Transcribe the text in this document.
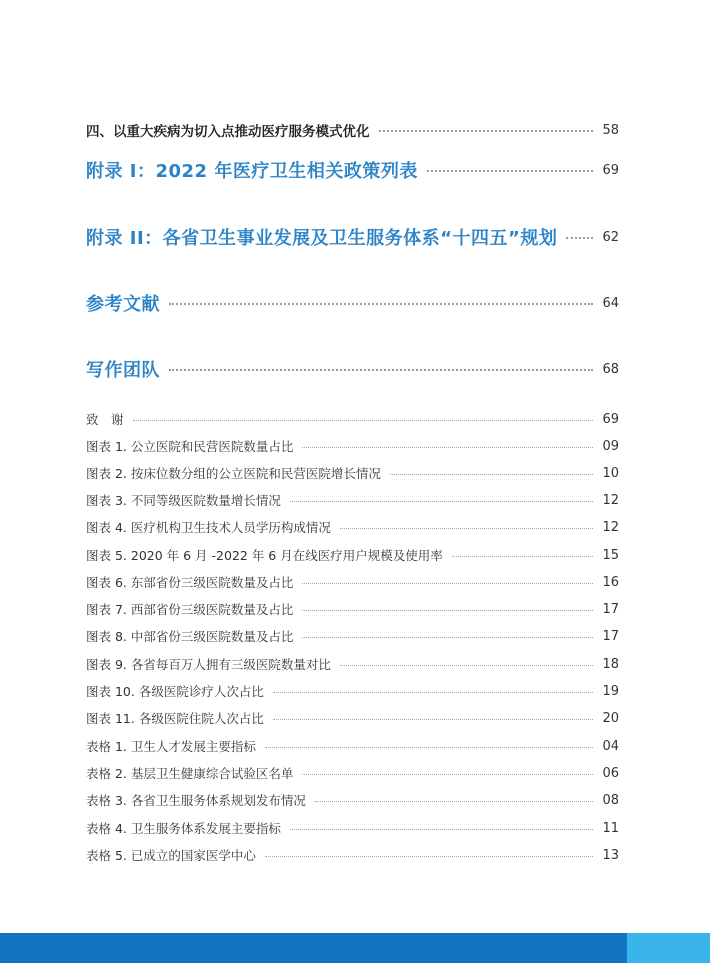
四、以重大疾病为切入点推动医疗服务模式优化	58
附录 I：2022 年医疗卫生相关政策列表	69
附录 II：各省卫生事业发展及卫生服务体系“十四五”规划	62
参考文献	64
写作团队	68
致　谢	69
图表 1. 公立医院和民营医院数量占比	09
图表 2. 按床位数分组的公立医院和民营医院增长情况	10
图表 3. 不同等级医院数量增长情况	12
图表 4. 医疗机构卫生技术人员学历构成情况	12
图表 5. 2020 年 6 月 -2022 年 6 月在线医疗用户规模及使用率	15
图表 6. 东部省份三级医院数量及占比	16
图表 7. 西部省份三级医院数量及占比	17
图表 8. 中部省份三级医院数量及占比	17
图表 9. 各省每百万人拥有三级医院数量对比	18
图表 10. 各级医院诊疗人次占比	19
图表 11. 各级医院住院人次占比	20
表格 1. 卫生人才发展主要指标	04
表格 2. 基层卫生健康综合试验区名单	06
表格 3. 各省卫生服务体系规划发布情况	08
表格 4. 卫生服务体系发展主要指标	11
表格 5. 已成立的国家医学中心	13
